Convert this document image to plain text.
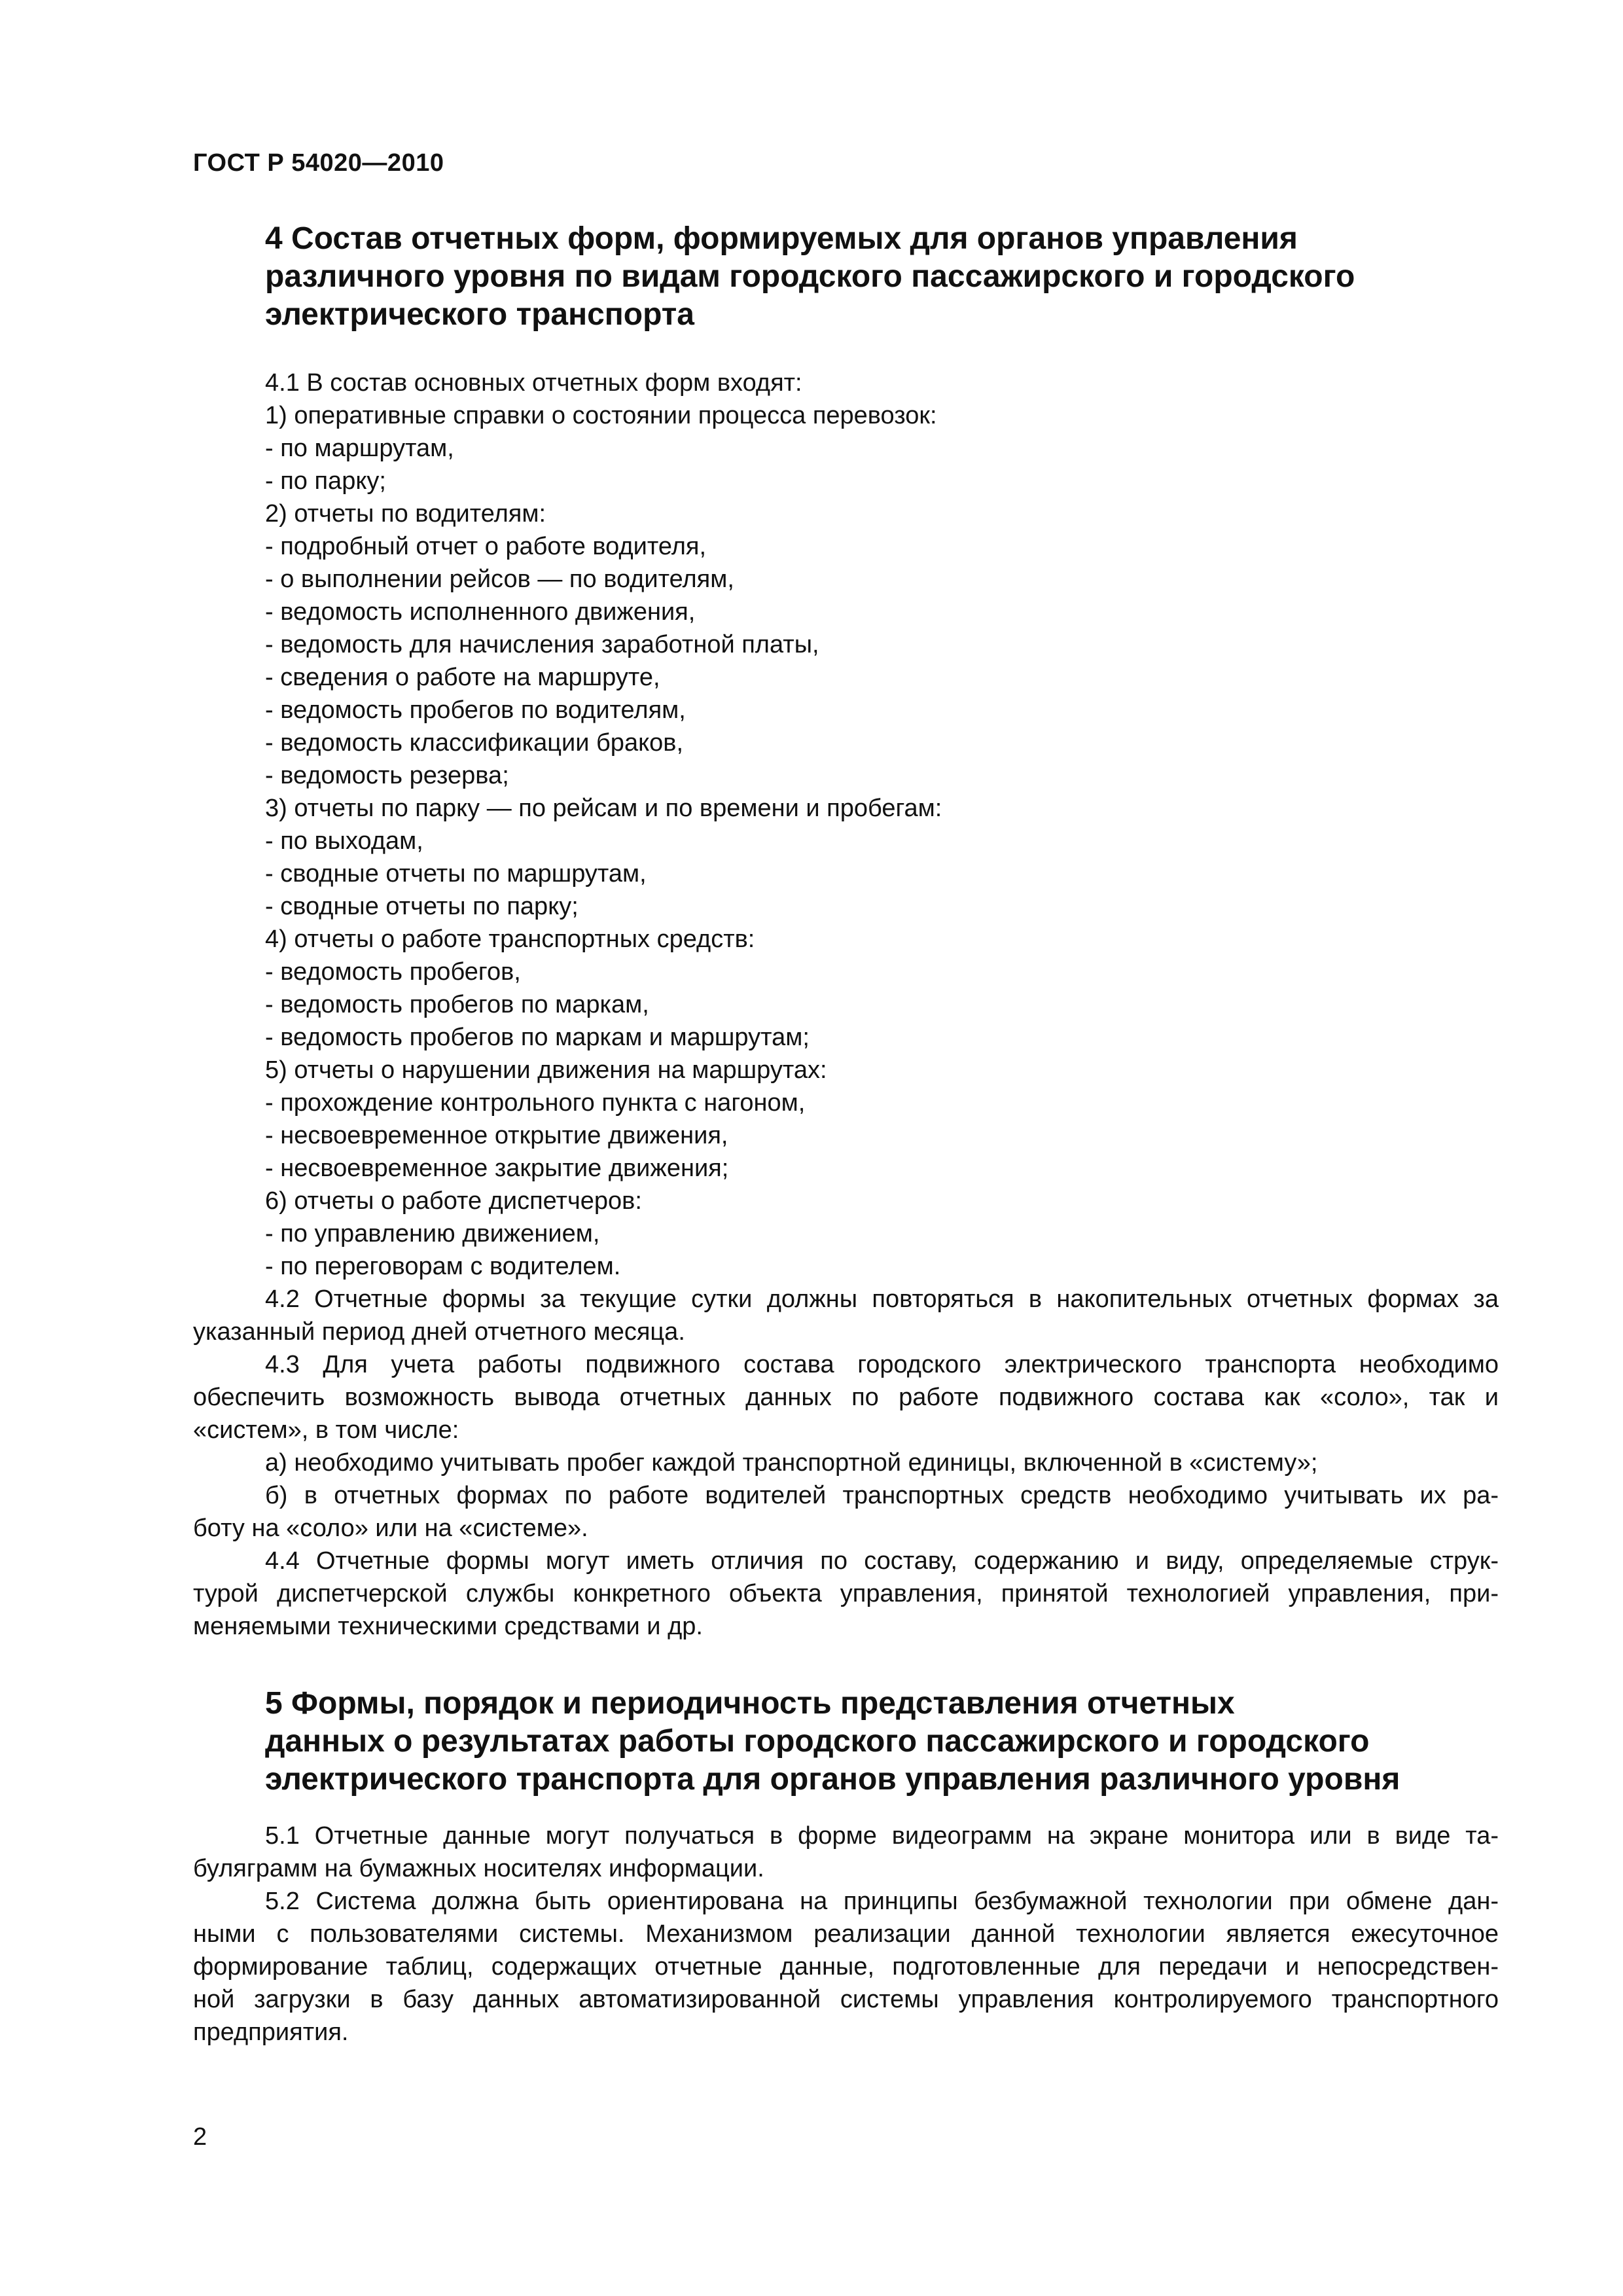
ГОСТ Р 54020—2010
4 Состав отчетных форм, формируемых для органов управления
различного уровня по видам городского пассажирского и городского
электрического транспорта
4.1 В состав основных отчетных форм входят:
1) оперативные справки о состоянии процесса перевозок:
- по маршрутам,
- по парку;
2) отчеты по водителям:
- подробный отчет о работе водителя,
- о выполнении рейсов — по водителям,
- ведомость исполненного движения,
- ведомость для начисления заработной платы,
- сведения о работе на маршруте,
- ведомость пробегов по водителям,
- ведомость классификации браков,
- ведомость резерва;
3) отчеты по парку — по рейсам и по времени и пробегам:
- по выходам,
- сводные отчеты по маршрутам,
- сводные отчеты по парку;
4) отчеты о работе транспортных средств:
- ведомость пробегов,
- ведомость пробегов по маркам,
- ведомость пробегов по маркам и маршрутам;
5) отчеты о нарушении движения на маршрутах:
- прохождение контрольного пункта с нагоном,
- несвоевременное открытие движения,
- несвоевременное закрытие движения;
6) отчеты о работе диспетчеров:
- по управлению движением,
- по переговорам с водителем.
4.2 Отчетные формы за текущие сутки должны повторяться в накопительных отчетных формах за
указанный период дней отчетного месяца.
4.3 Для учета работы подвижного состава городского электрического транспорта необходимо
обеспечить возможность вывода отчетных данных по работе подвижного состава как «соло», так и
«систем», в том числе:
а) необходимо учитывать пробег каждой транспортной единицы, включенной в «систему»;
б) в отчетных формах по работе водителей транспортных средств необходимо учитывать их ра-
боту на «соло» или на «системе».
4.4 Отчетные формы могут иметь отличия по составу, содержанию и виду, определяемые струк-
турой диспетчерской службы конкретного объекта управления, принятой технологией управления, при-
меняемыми техническими средствами и др.
5 Формы, порядок и периодичность представления отчетных
данных о результатах работы городского пассажирского и городского
электрического транспорта для органов управления различного уровня
5.1 Отчетные данные могут получаться в форме видеограмм на экране монитора или в виде та-
буляграмм на бумажных носителях информации.
5.2 Система должна быть ориентирована на принципы безбумажной технологии при обмене дан-
ными с пользователями системы. Механизмом реализации данной технологии является ежесуточное
формирование таблиц, содержащих отчетные данные, подготовленные для передачи и непосредствен-
ной загрузки в базу данных автоматизированной системы управления контролируемого транспортного
предприятия.
2
